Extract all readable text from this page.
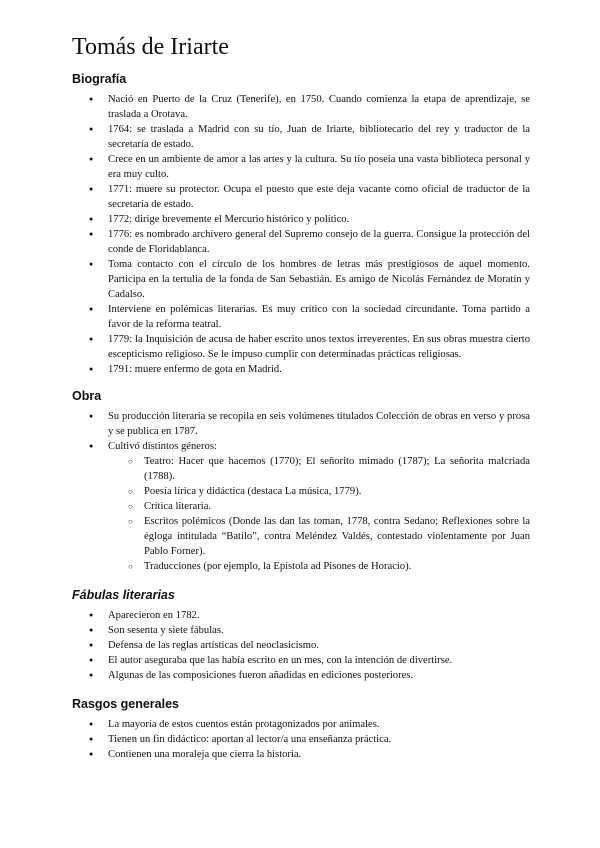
Tomás de Iriarte
Biografía
● Nació en Puerto de la Cruz (Tenerife), en 1750. Cuando comienza la etapa de aprendizaje, se traslada a Orotava.
● 1764: se traslada a Madrid con su tío, Juan de Iriarte, bibliotecario del rey y traductor de la secretaría de estado.
● Crece en un ambiente de amor a las artes y la cultura. Su tío poseía una vasta biblioteca personal y era muy culto.
● 1771: muere su protector. Ocupa el puesto que este deja vacante como oficial de traductor de la secretaría de estado.
● 1772: dirige brevemente el Mercurio histórico y político.
● 1776: es nombrado archivero general del Supremo consejo de la guerra. Consigue la protección del conde de Floridablanca.
● Toma contacto con el círculo de los hombres de letras más prestigiosos de aquel momento. Participa en la tertulia de la fonda de San Sebastián. Es amigo de Nicolás Fernández de Moratín y Cadalso.
● Interviene en polémicas literarias. Es muy crítico con la sociedad circundante. Toma partido a favor de la reforma teatral.
● 1779: la Inquisición de acusa de haber escrito unos textos irreverentes. En sus obras muestra cierto escepticismo religioso. Se le impuso cumplir con determinadas prácticas religiosas.
● 1791: muere enfermo de gota en Madrid.
Obra
● Su producción literaria se recopila en seis volúmenes titulados Colección de obras en verso y prosa y se publica en 1787.
● Cultivó distintos géneros:
○ Teatro: Hacer que hacemos (1770); El señorito mimado (1787); La señorita malcriada (1788).
○ Poesía lírica y didáctica (destaca La música, 1779).
○ Crítica literaria.
○ Escritos polémicos (Donde las dan las toman, 1778, contra Sedano; Reflexiones sobre la égloga intitulada “Batilo”, contra Meléndez Valdés, contestado violentamente por Juan Pablo Forner).
○ Traducciones (por ejemplo, la Epístola ad Pisones de Horacio).
Fábulas literarias
● Aparecieron en 1782.
● Son sesenta y siete fábulas.
● Defensa de las reglas artísticas del neoclasicismo.
● El autor aseguraba que las había escrito en un mes, con la intención de divertirse.
● Algunas de las composiciones fueron añadidas en ediciones posteriores.
Rasgos generales
● La mayoría de estos cuentos están protagonizados por animales.
● Tienen un fin didáctico: aportan al lector/a una enseñanza práctica.
● Contienen una moraleja que cierra la historia.
